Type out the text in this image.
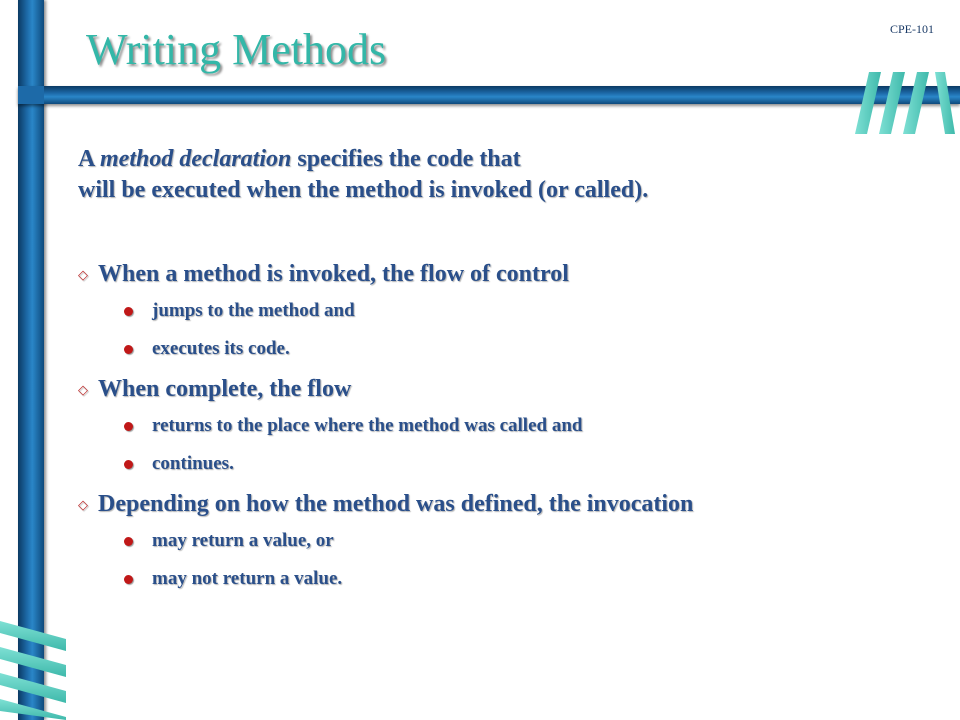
CPE-101
Writing Methods

A method declaration specifies the code that
will be executed when the method is invoked (or called).

◇ When a method is invoked, the flow of control
jumps to the method and
executes its code.
◇ When complete, the flow
returns to the place where the method was called and
continues.
◇ Depending on how the method was defined, the invocation
may return a value, or
may not return a value.
